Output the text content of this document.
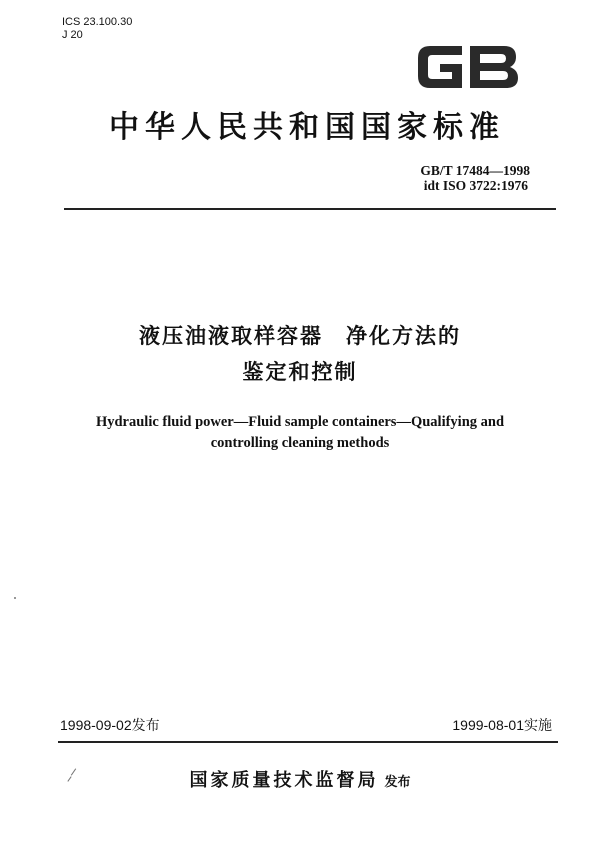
ICS 23.100.30
J 20
中华人民共和国国家标准
GB/T 17484—1998
idt ISO 3722:1976
液压油液取样容器　净化方法的
鉴定和控制
Hydraulic fluid power—Fluid sample containers—Qualifying and
controlling cleaning methods
1998-09-02发布	1999-08-01实施
国家质量技术监督局 发布
